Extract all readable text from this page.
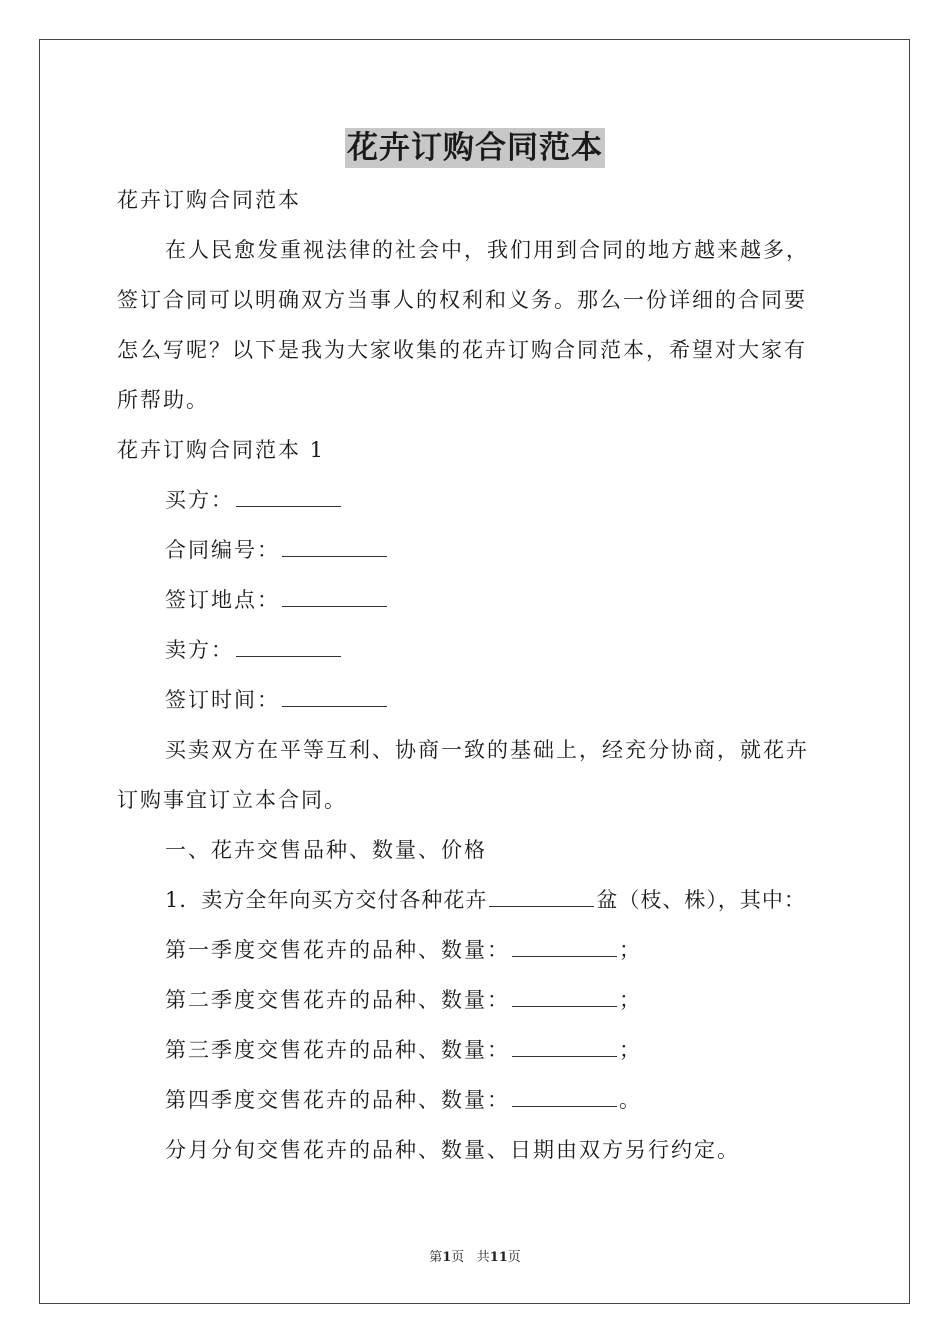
花卉订购合同范本
花卉订购合同范本
在人民愈发重视法律的社会中，我们用到合同的地方越来越多，
签订合同可以明确双方当事人的权利和义务。那么一份详细的合同要
怎么写呢？以下是我为大家收集的花卉订购合同范本，希望对大家有
所帮助。
花卉订购合同范本 1
买方：
合同编号：
签订地点：
卖方：
签订时间：
买卖双方在平等互利、协商一致的基础上，经充分协商，就花卉
订购事宜订立本合同。
一、花卉交售品种、数量、价格
1．卖方全年向买方交付各种花卉	盆（枝、株），其中：
第一季度交售花卉的品种、数量：	；
第二季度交售花卉的品种、数量：	；
第三季度交售花卉的品种、数量：	；
第四季度交售花卉的品种、数量：	。
分月分旬交售花卉的品种、数量、日期由双方另行约定。
第1页 共11页
